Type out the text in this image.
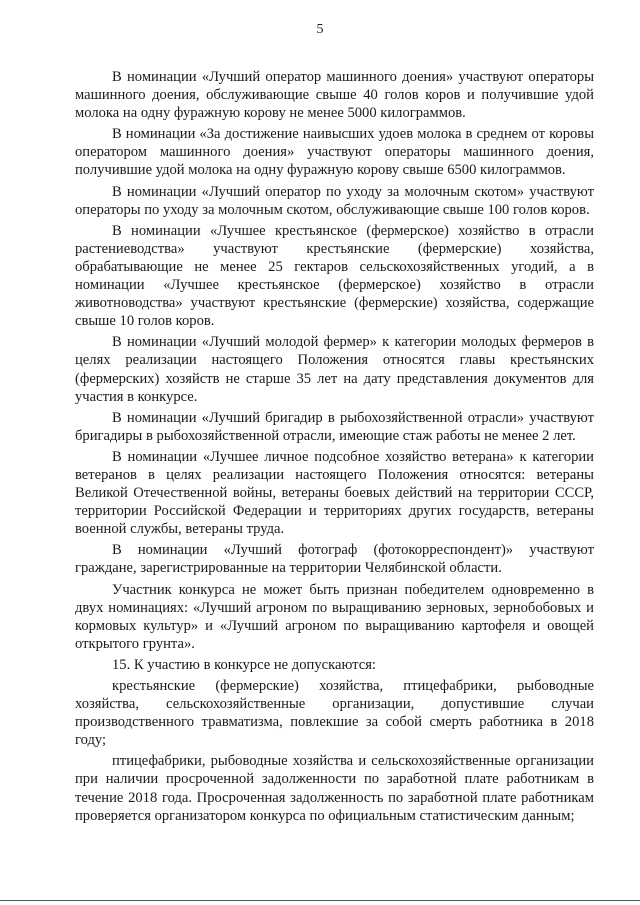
5

В номинации «Лучший оператор машинного доения» участвуют операторы машинного доения, обслуживающие свыше 40 голов коров и получившие удой молока на одну фуражную корову не менее 5000 килограммов.

В номинации «За достижение наивысших удоев молока в среднем от коровы оператором машинного доения» участвуют операторы машинного доения, получившие удой молока на одну фуражную корову свыше 6500 килограммов.

В номинации «Лучший оператор по уходу за молочным скотом» участвуют операторы по уходу за молочным скотом, обслуживающие свыше 100 голов коров.

В номинации «Лучшее крестьянское (фермерское) хозяйство в отрасли растениеводства» участвуют крестьянские (фермерские) хозяйства, обрабатывающие не менее 25 гектаров сельскохозяйственных угодий, а в номинации «Лучшее крестьянское (фермерское) хозяйство в отрасли животноводства» участвуют крестьянские (фермерские) хозяйства, содержащие свыше 10 голов коров.

В номинации «Лучший молодой фермер» к категории молодых фермеров в целях реализации настоящего Положения относятся главы крестьянских (фермерских) хозяйств не старше 35 лет на дату представления документов для участия в конкурсе.

В номинации «Лучший бригадир в рыбохозяйственной отрасли» участвуют бригадиры в рыбохозяйственной отрасли, имеющие стаж работы не менее 2 лет.

В номинации «Лучшее личное подсобное хозяйство ветерана» к категории ветеранов в целях реализации настоящего Положения относятся: ветераны Великой Отечественной войны, ветераны боевых действий на территории СССР, территории Российской Федерации и территориях других государств, ветераны военной службы, ветераны труда.

В номинации «Лучший фотограф (фотокорреспондент)» участвуют граждане, зарегистрированные на территории Челябинской области.

Участник конкурса не может быть признан победителем одновременно в двух номинациях: «Лучший агроном по выращиванию зерновых, зернобобовых и кормовых культур» и «Лучший агроном по выращиванию картофеля и овощей открытого грунта».

15. К участию в конкурсе не допускаются:

крестьянские (фермерские) хозяйства, птицефабрики, рыбоводные хозяйства, сельскохозяйственные организации, допустившие случаи производственного травматизма, повлекшие за собой смерть работника в 2018 году;

птицефабрики, рыбоводные хозяйства и сельскохозяйственные организации при наличии просроченной задолженности по заработной плате работникам в течение 2018 года. Просроченная задолженность по заработной плате работникам проверяется организатором конкурса по официальным статистическим данным;
